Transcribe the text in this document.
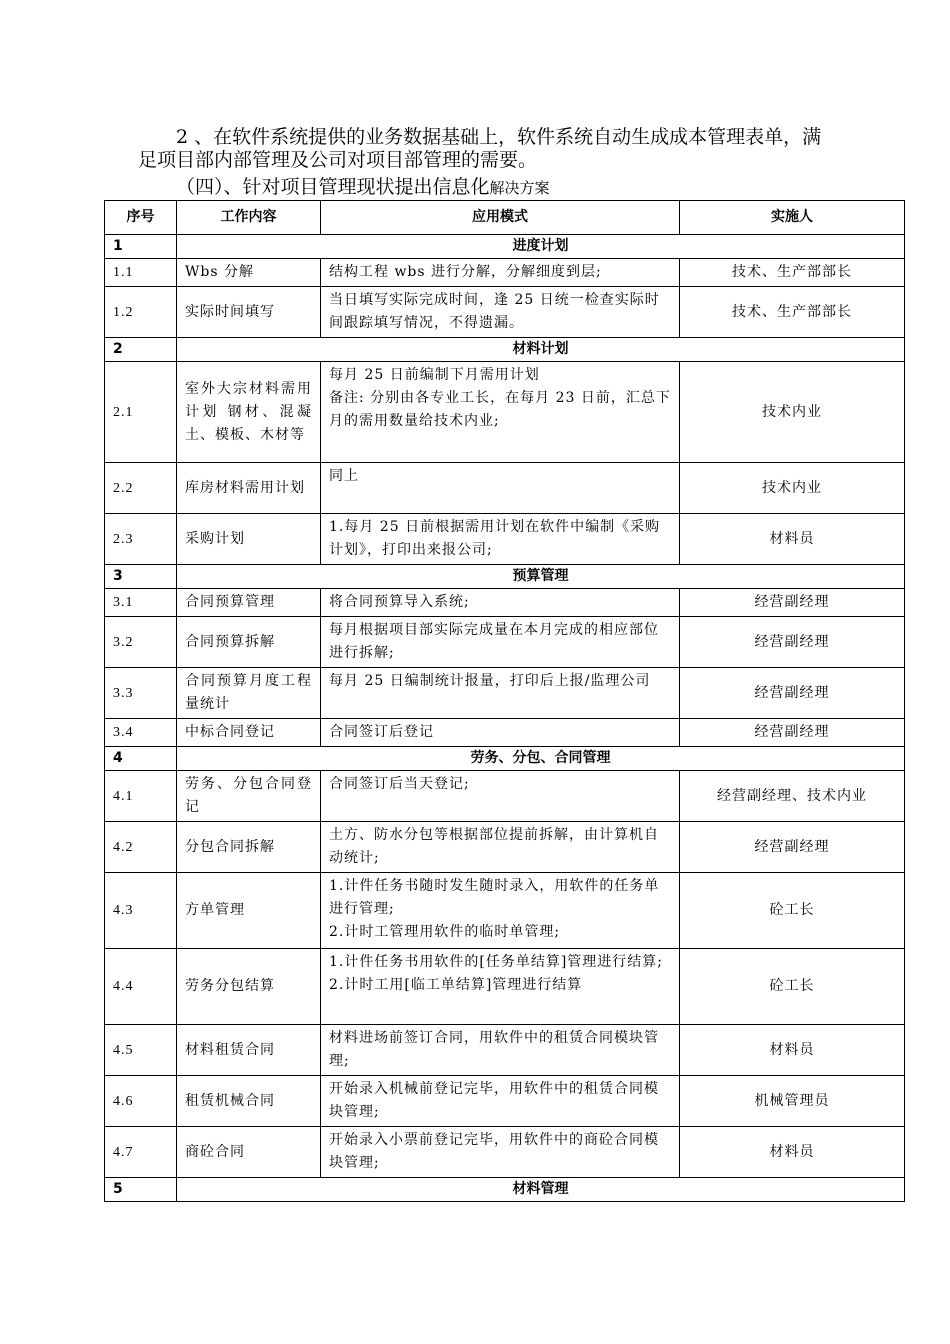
2 、在软件系统提供的业务数据基础上，软件系统自动生成成本管理表单，满足项目部内部管理及公司对项目部管理的需要。
（四）、针对项目管理现状提出信息化解决方案
序号	工作内容	应用模式	实施人
1	进度计划		
1.1	Wbs 分解	结构工程 wbs 进行分解，分解细度到层;	技术、生产部部长
1.2	实际时间填写	当日填写实际完成时间，逢 25 日统一检查实际时间跟踪填写情况，不得遗漏。	技术、生产部部长
2	材料计划		
2.1	室外大宗材料需用计划 钢材、混凝土、模板、木材等	每月 25 日前编制下月需用计划
备注: 分别由各专业工长，在每月 23 日前，汇总下月的需用数量给技术内业;	技术内业
2.2	库房材料需用计划	同上	技术内业
2.3	采购计划	1.每月 25 日前根据需用计划在软件中编制《采购计划》，打印出来报公司;	材料员
3	预算管理		
3.1	合同预算管理	将合同预算导入系统;	经营副经理
3.2	合同预算拆解	每月根据项目部实际完成量在本月完成的相应部位进行拆解;	经营副经理
3.3	合同预算月度工程量统计	每月 25 日编制统计报量，打印后上报/监理公司	经营副经理
3.4	中标合同登记	合同签订后登记	经营副经理
4	劳务、分包、合同管理		
4.1	劳务、分包合同登记	合同签订后当天登记;	经营副经理、技术内业
4.2	分包合同拆解	土方、防水分包等根据部位提前拆解，由计算机自动统计;	经营副经理
4.3	方单管理	1.计件任务书随时发生随时录入，用软件的任务单进行管理;
2.计时工管理用软件的临时单管理;	砼工长
4.4	劳务分包结算	1.计件任务书用软件的[任务单结算]管理进行结算;
2.计时工用[临工单结算]管理进行结算	砼工长
4.5	材料租赁合同	材料进场前签订合同，用软件中的租赁合同模块管理;	材料员
4.6	租赁机械合同	开始录入机械前登记完毕，用软件中的租赁合同模块管理;	机械管理员
4.7	商砼合同	开始录入小票前登记完毕，用软件中的商砼合同模块管理;	材料员
5	材料管理		
